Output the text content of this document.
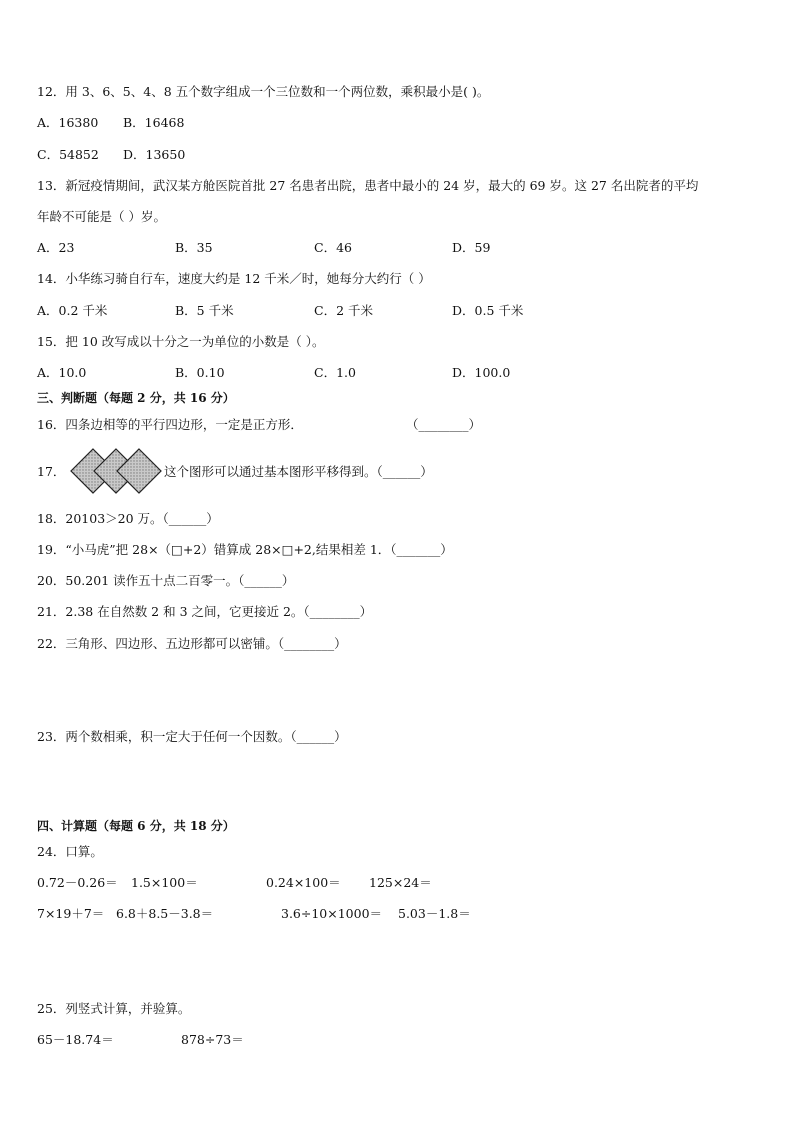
12．用 3、6、5、4、8 五个数字组成一个三位数和一个两位数，乘积最小是( )。
A．16380 B．16468
C．54852 D．13650
13．新冠疫情期间，武汉某方舱医院首批 27 名患者出院，患者中最小的 24 岁，最大的 69 岁。这 27 名出院者的平均
年龄不可能是（ ）岁。
A．23	B．35	C．46	D．59
14．小华练习骑自行车，速度大约是 12 千米／时，她每分大约行（ ）
A．0.2 千米	B．5 千米	C．2 千米	D．0.5 千米
15．把 10 改写成以十分之一为单位的小数是（ ）。
A．10.0	B．0.10	C．1.0	D．100.0
三、判断题（每题 2 分，共 16 分）
16．四条边相等的平行四边形，一定是正方形．	（________）
17．	这个图形可以通过基本图形平移得到。（______）
18．20103＞20 万。（______）
19．“小马虎”把 28×（□+2）错算成 28×□+2,结果相差 1．（_______）
20．50.201 读作五十点二百零一。（______）
21．2.38 在自然数 2 和 3 之间，它更接近 2。（________）
22．三角形、四边形、五边形都可以密铺。（________）
23．两个数相乘，积一定大于任何一个因数。（______）
四、计算题（每题 6 分，共 18 分）
24．口算。
0.72－0.26＝ 1.5×100＝	0.24×100＝ 125×24＝
7×19＋7＝ 6.8＋8.5－3.8＝	3.6÷10×1000＝ 5.03－1.8＝
25．列竖式计算，并验算。
65－18.74＝	878÷73＝
